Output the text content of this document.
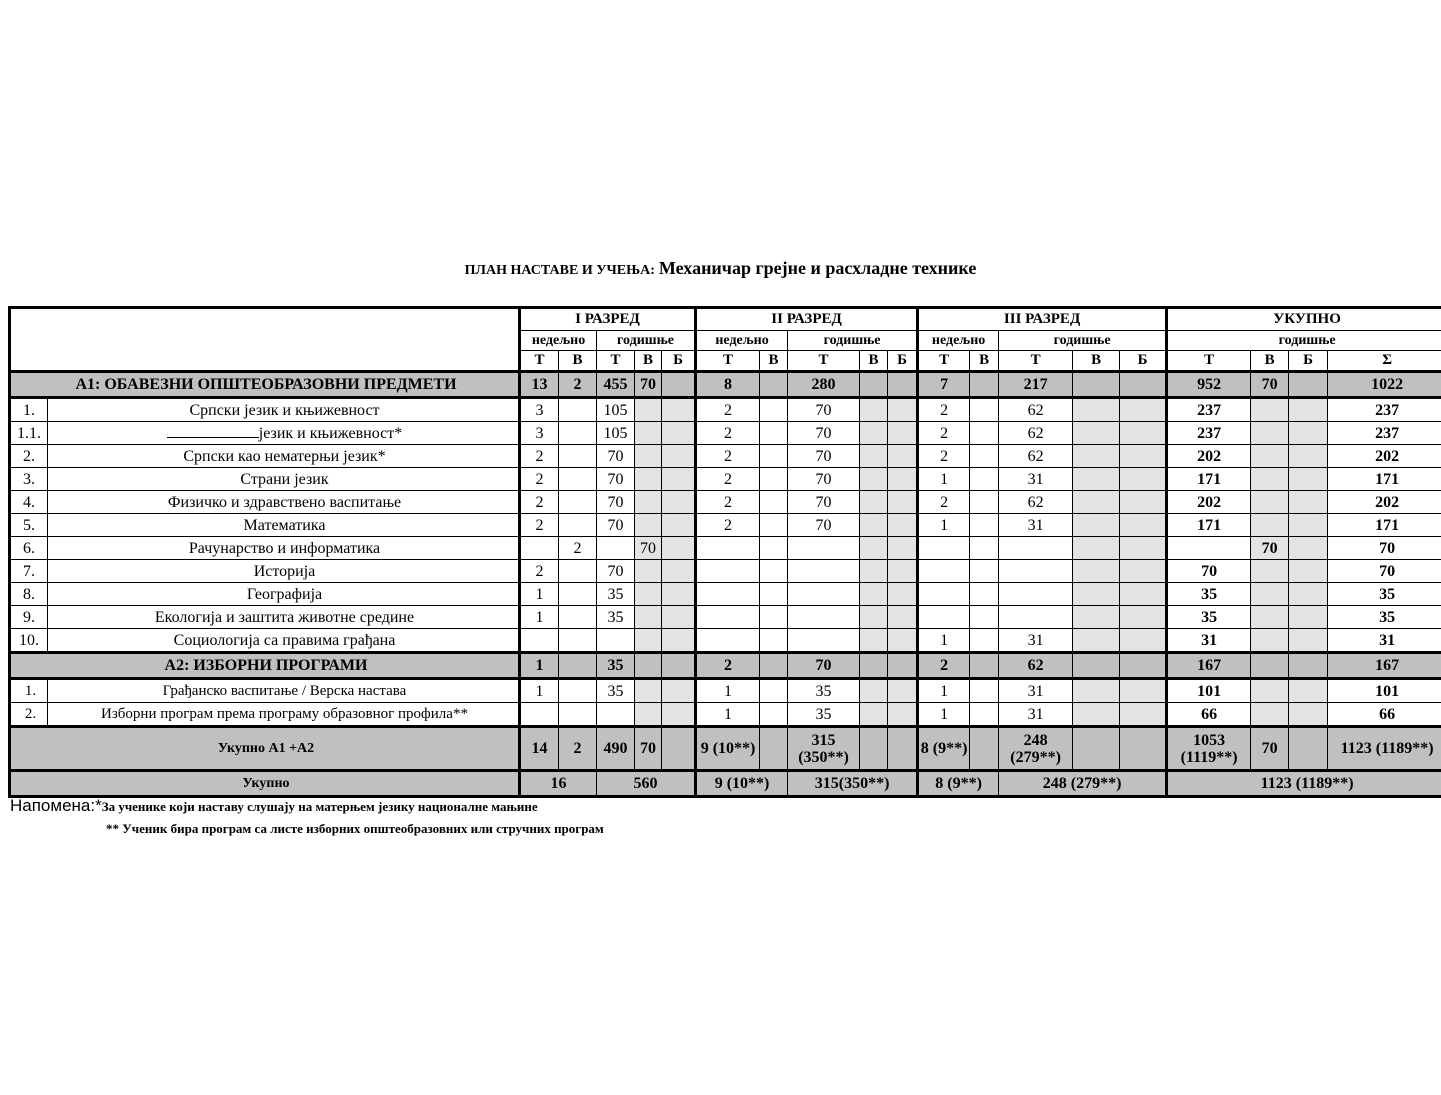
ПЛАН НАСТАВЕ И УЧЕЊА: Механичар грејне и расхладне технике
		I РАЗРЕД					II РАЗРЕД					III РАЗРЕД					УКУПНО			
		недељно		годишње			недељно		годишње			недељно		годишње			годишње			
		Т	В	Т	В	Б	Т	В	Т	В	Б	Т	В	Т	В	Б	Т	В	Б	Σ
А1: ОБАВЕЗНИ ОПШТЕОБРАЗОВНИ ПРЕДМЕТИ		13	2	455	70		8		280			7		217			952	70		1022
1.	Српски језик и књижевност	3		105			2		70			2		62			237			237
1.1.	језик и књижевност*	3		105			2		70			2		62			237			237
2.	Српски као нематерњи језик*	2		70			2		70			2		62			202			202
3.	Страни језик	2		70			2		70			1		31			171			171
4.	Физичко и здравствено васпитање	2		70			2		70			2		62			202			202
5.	Математика	2		70			2		70			1		31			171			171
6.	Рачунарство и информатика		2		70													70		70
7.	Историја	2		70													70			70
8.	Географија	1		35													35			35
9.	Екологија и заштита животне средине	1		35													35			35
10.	Социологија са правима грађана											1		31			31			31
А2: ИЗБОРНИ ПРОГРАМИ		1		35			2		70			2		62			167			167
1.	Грађанско васпитање / Верска настава	1		35			1		35			1		31			101			101
2.	Изборни програм према програму образовног профила**						1		35			1		31			66			66
Укупно А1 +А2		14	2	490	70		9 (10**)		315 (350**)			8 (9**)		248 (279**)			1053 (1119**)	70		1123 (1189**)
Укупно		16		560			9 (10**)		315(350**)			8 (9**)		248 (279**)			1123 (1189**)			
Напомена:*За ученике који наставу слушају на матерњем језику националне мањине
** Ученик бира програм са листе изборних општеобразовних или стручних програм
